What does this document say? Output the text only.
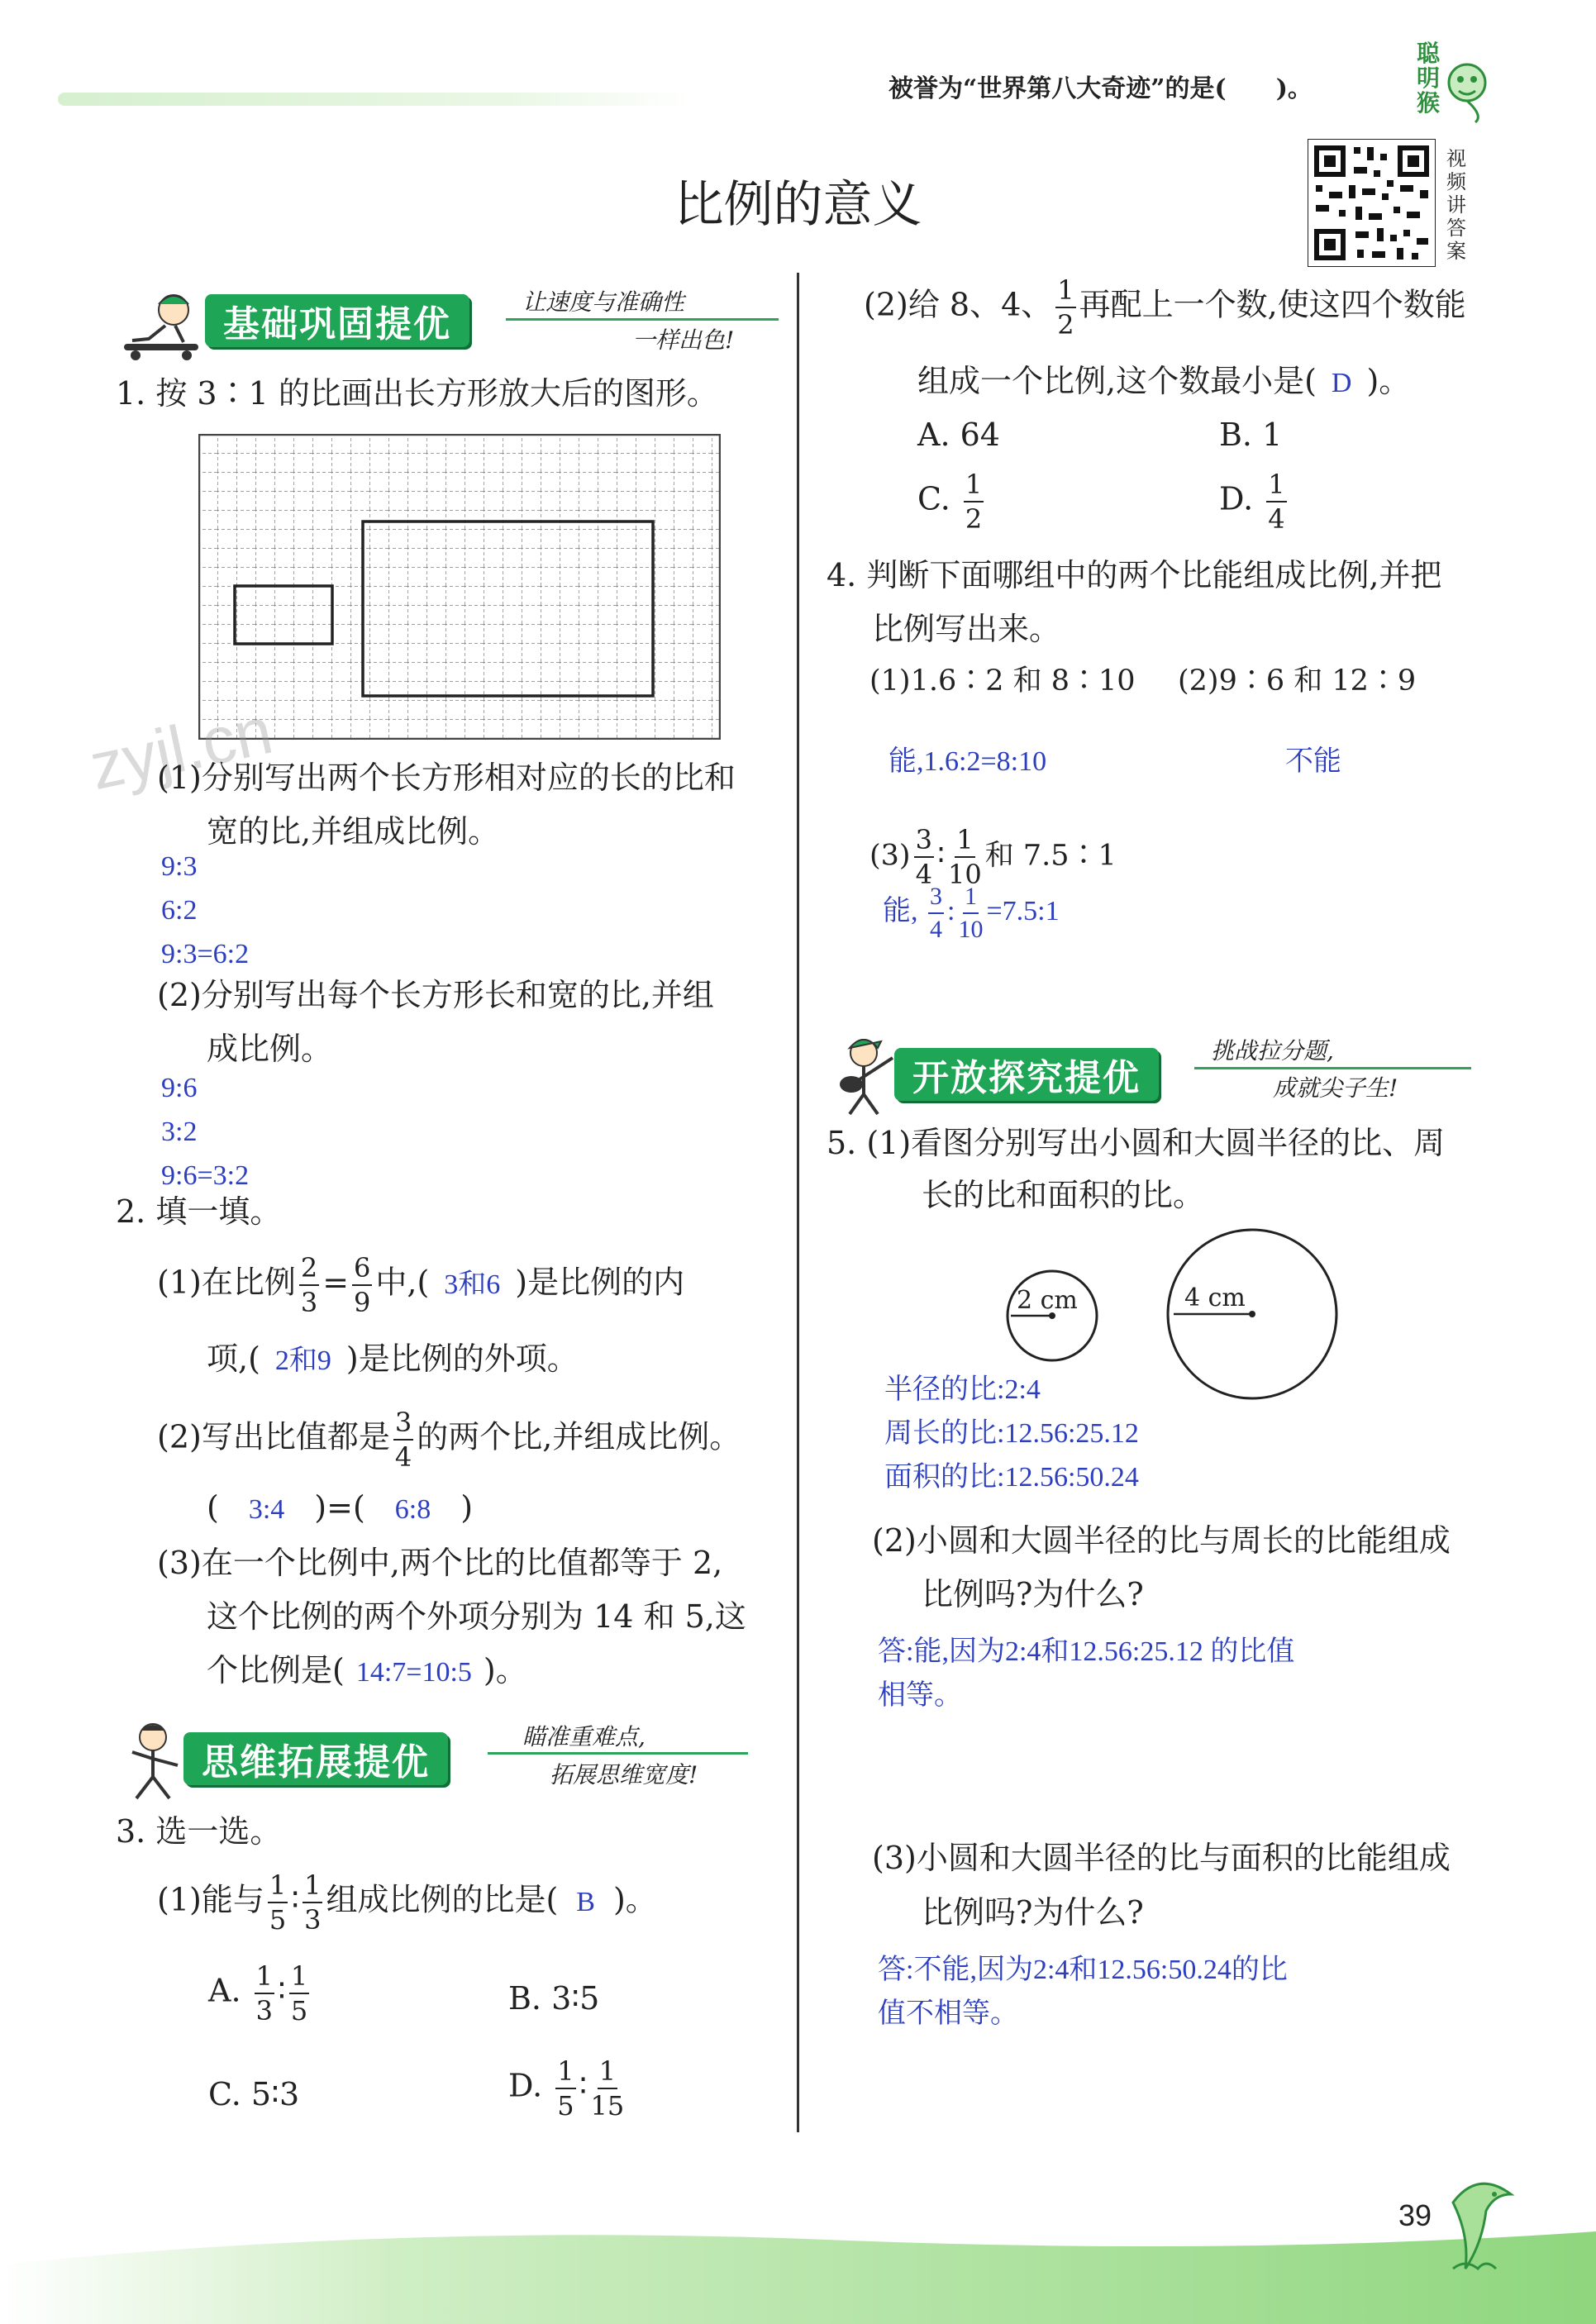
被誉为“世界第八大奇迹”的是(　　)。
聪明猴
视频讲答案
比例的意义
基础巩固提优
让速度与准确性
一样出色!
1. 按 3∶1 的比画出长方形放大后的图形。
zyjl.cn
(1)分别写出两个长方形相对应的长的比和
宽的比,并组成比例。
9:3
6:2
9:3=6:2
(2)分别写出每个长方形长和宽的比,并组
成比例。
9:6
3:2
9:6=3:2
2. 填一填。
(1)在比例 $\frac{2}{3} = \frac{6}{9}$ 中,( 3和6 )是比例的内
项,( 2和9 )是比例的外项。
(2)写出比值都是 $\frac{3}{4}$ 的两个比,并组成比例。
( 3:4 )=( 6:8 )
(3)在一个比例中,两个比的比值都等于 2,
这个比例的两个外项分别为 14 和 5,这
个比例是( 14:7=10:5 )。
思维拓展提优
瞄准重难点,
拓展思维宽度!
3. 选一选。
(1)能与 $\frac{1}{5}$ ∶ $\frac{1}{3}$ 组成比例的比是( B )。
A. $\frac{1}{3}$ ∶ $\frac{1}{5}$	B. 3∶5
C. 5∶3	D. $\frac{1}{5}$ ∶ $\frac{1}{15}$
(2)给 8、4、 $\frac{1}{2}$ 再配上一个数,使这四个数能
组成一个比例,这个数最小是( D )。
A. 64	B. 1
C. $\frac{1}{2}$	D. $\frac{1}{4}$
4. 判断下面哪组中的两个比能组成比例,并把
比例写出来。
(1)1.6∶2 和 8∶10 (2)9∶6 和 12∶9
能,1.6:2=8:10	不能
$(3) \frac{3}{4}$ ∶ $\frac{1}{10}$ 和 7.5∶1
能, $\frac{3}{4}$ : $\frac{1}{10}$ =7.5:1
开放探究提优
挑战拉分题,
成就尖子生!
5. (1)看图分别写出小圆和大圆半径的比、周
长的比和面积的比。
2 cm	4 cm
半径的比:2:4
周长的比:12.56:25.12
面积的比:12.56:50.24
(2)小圆和大圆半径的比与周长的比能组成
比例吗?为什么?
答:能,因为2:4和12.56:25.12 的比值
相等。
(3)小圆和大圆半径的比与面积的比能组成
比例吗?为什么?
答:不能,因为2:4和12.56:50.24的比
值不相等。
39
